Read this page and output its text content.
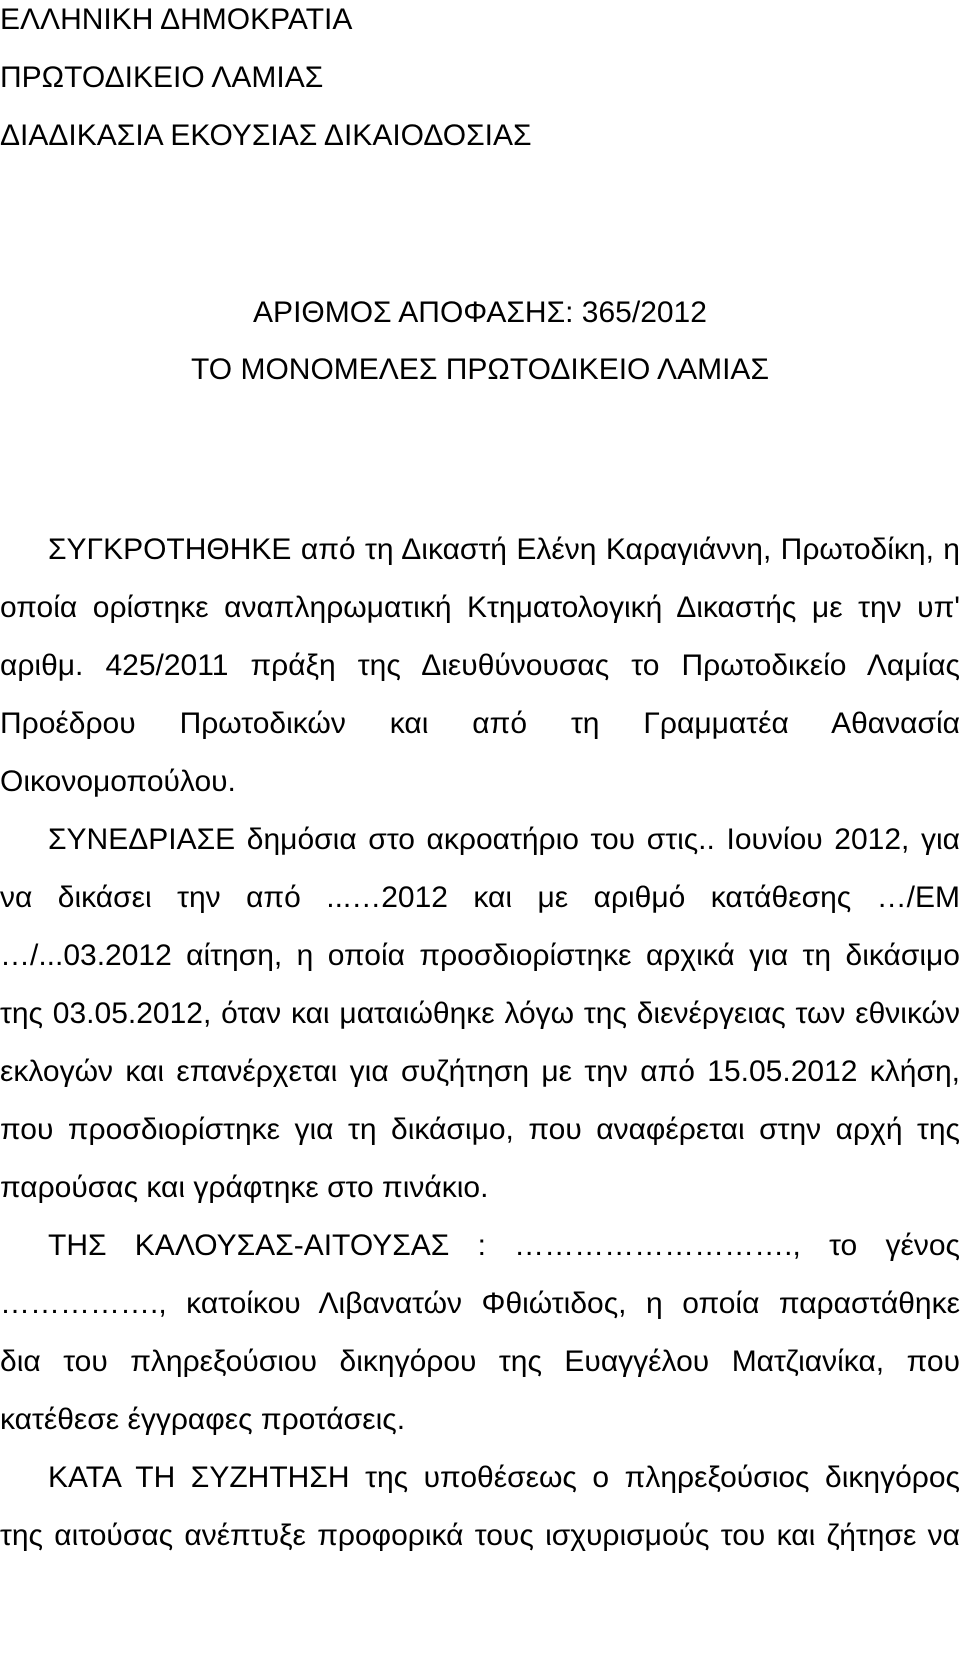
ΕΛΛΗΝΙΚΗ ΔΗΜΟΚΡΑΤΙΑ

ΠΡΩΤΟΔΙΚΕΙΟ ΛΑΜΙΑΣ

ΔΙΑΔΙΚΑΣΙΑ ΕΚΟΥΣΙΑΣ ΔΙΚΑΙΟΔΟΣΙΑΣ

ΑΡΙΘΜΟΣ ΑΠΟΦΑΣΗΣ: 365/2012

ΤΟ ΜΟΝΟΜΕΛΕΣ ΠΡΩΤΟΔΙΚΕΙΟ ΛΑΜΙΑΣ

ΣΥΓΚΡΟΤΗΘΗΚΕ από τη Δικαστή Ελένη Καραγιάννη, Πρωτοδίκη, η

οποία ορίστηκε αναπληρωματική Κτηματολογική Δικαστής με την υπ'

αριθμ. 425/2011 πράξη της Διευθύνουσας το Πρωτοδικείο Λαμίας

Προέδρου Πρωτοδικών και από τη Γραμματέα Αθανασία

Οικονομοπούλου.

ΣΥΝΕΔΡΙΑΣΕ δημόσια στο ακροατήριο του στις.. Ιουνίου 2012, για

να δικάσει την από ...…2012 και με αριθμό κατάθεσης …/ΕΜ

…/...03.2012 αίτηση, η οποία προσδιορίστηκε αρχικά για τη δικάσιμο

της 03.05.2012, όταν και ματαιώθηκε λόγω της διενέργειας των εθνικών

εκλογών και επανέρχεται για συζήτηση με την από 15.05.2012 κλήση,

που προσδιορίστηκε για τη δικάσιμο, που αναφέρεται στην αρχή της

παρούσας και γράφτηκε στο πινάκιο.

ΤΗΣ ΚΑΛΟΥΣΑΣ-ΑΙΤΟΥΣΑΣ : ………………………., το γένος

……………., κατοίκου Λιβανατών Φθιώτιδος, η οποία παραστάθηκε

δια του πληρεξούσιου δικηγόρου της Ευαγγέλου Ματζιανίκα, που

κατέθεσε έγγραφες προτάσεις.

ΚΑΤΑ ΤΗ ΣΥΖΗΤΗΣΗ της υποθέσεως ο πληρεξούσιος δικηγόρος

της αιτούσας ανέπτυξε προφορικά τους ισχυρισμούς του και ζήτησε να
